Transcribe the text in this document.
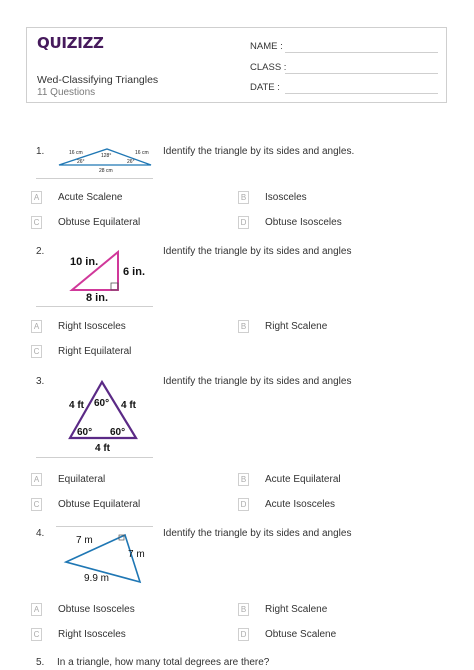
QUIZIZZ
Wed-Classifying Triangles
11 Questions
NAME :
CLASS :
DATE :
1.	16 cm	16 cm
128°
26°	26°
28 cm
Identify the triangle by its sides and angles.
A Acute Scalene	B Isosceles
C Obtuse Equilateral	D Obtuse Isosceles
2.
10 in.
6 in.
8 in.
Identify the triangle by its sides and angles
A Right Isosceles	B Right Scalene
C Right Equilateral
3.
4 ft	4 ft
60°
60° 60°
4 ft
Identify the triangle by its sides and angles
A Equilateral	B Acute Equilateral
C Obtuse Equilateral	D Acute Isosceles
4.
7 m
7 m
9.9 m
Identify the triangle by its sides and angles
A Obtuse Isosceles	B Right Scalene
C Right Isosceles	D Obtuse Scalene
5. In a triangle, how many total degrees are there?
